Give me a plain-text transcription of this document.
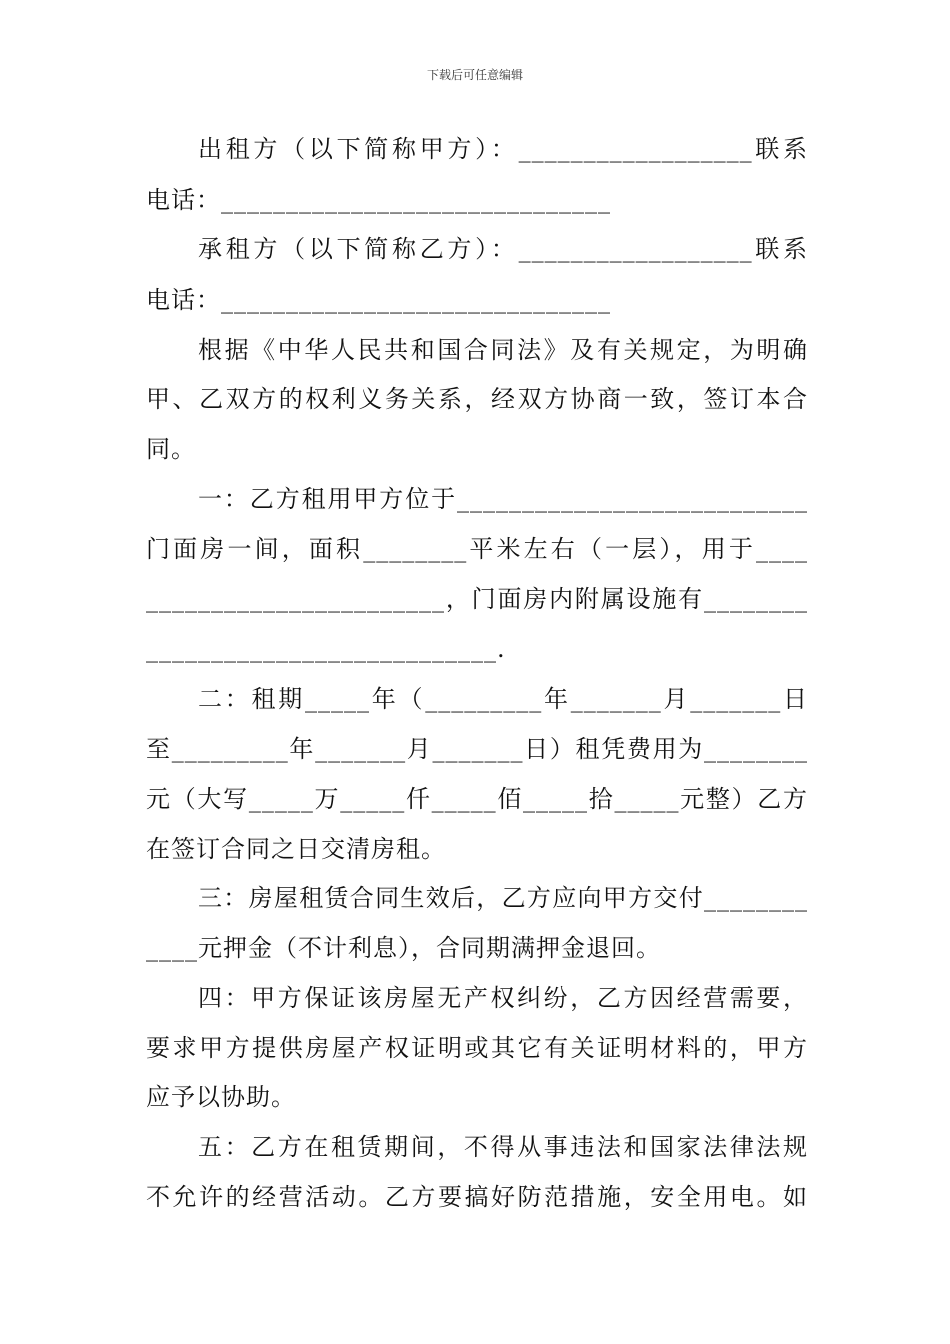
下载后可任意编辑
出租方（以下简称甲方）：__________________联系
电话：______________________________
承租方（以下简称乙方）：__________________联系
电话：______________________________
根据《中华人民共和国合同法》及有关规定，为明确
甲、乙双方的权利义务关系，经双方协商一致，签订本合
同。
一：乙方租用甲方位于___________________________
门面房一间，面积________平米左右（一层），用于____
_______________________，门面房内附属设施有________
___________________________.
二：租期_____年（_________年_______月_______日
至_________年_______月_______日）租凭费用为________
元（大写_____万_____仟_____佰_____拾_____元整）乙方
在签订合同之日交清房租。
三：房屋租赁合同生效后，乙方应向甲方交付________
____元押金（不计利息），合同期满押金退回。
四：甲方保证该房屋无产权纠纷，乙方因经营需要，
要求甲方提供房屋产权证明或其它有关证明材料的，甲方
应予以协助。
五：乙方在租赁期间，不得从事违法和国家法律法规
不允许的经营活动。乙方要搞好防范措施，安全用电。如
